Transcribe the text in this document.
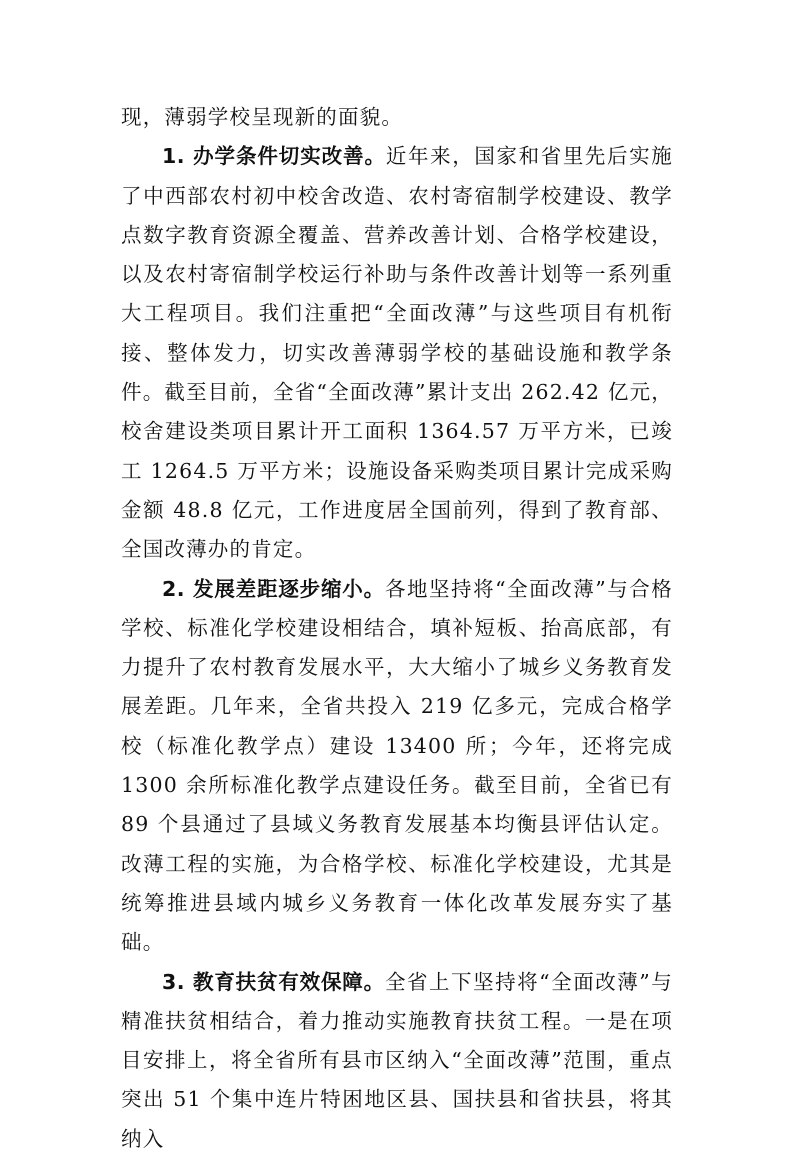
现，薄弱学校呈现新的面貌。

1. 办学条件切实改善。近年来，国家和省里先后实施了中西部农村初中校舍改造、农村寄宿制学校建设、教学点数字教育资源全覆盖、营养改善计划、合格学校建设，以及农村寄宿制学校运行补助与条件改善计划等一系列重大工程项目。我们注重把“全面改薄”与这些项目有机衔接、整体发力，切实改善薄弱学校的基础设施和教学条件。截至目前，全省“全面改薄”累计支出 262.42 亿元，校舍建设类项目累计开工面积 1364.57 万平方米，已竣工 1264.5 万平方米；设施设备采购类项目累计完成采购金额 48.8 亿元，工作进度居全国前列，得到了教育部、全国改薄办的肯定。

2. 发展差距逐步缩小。各地坚持将“全面改薄”与合格学校、标准化学校建设相结合，填补短板、抬高底部，有力提升了农村教育发展水平，大大缩小了城乡义务教育发展差距。几年来，全省共投入 219 亿多元，完成合格学校（标准化教学点）建设 13400 所；今年，还将完成 1300 余所标准化教学点建设任务。截至目前，全省已有 89 个县通过了县域义务教育发展基本均衡县评估认定。改薄工程的实施，为合格学校、标准化学校建设，尤其是统筹推进县域内城乡义务教育一体化改革发展夯实了基础。

3. 教育扶贫有效保障。全省上下坚持将“全面改薄”与精准扶贫相结合，着力推动实施教育扶贫工程。一是在项目安排上，将全省所有县市区纳入“全面改薄”范围，重点突出 51 个集中连片特困地区县、国扶县和省扶县，将其纳入
